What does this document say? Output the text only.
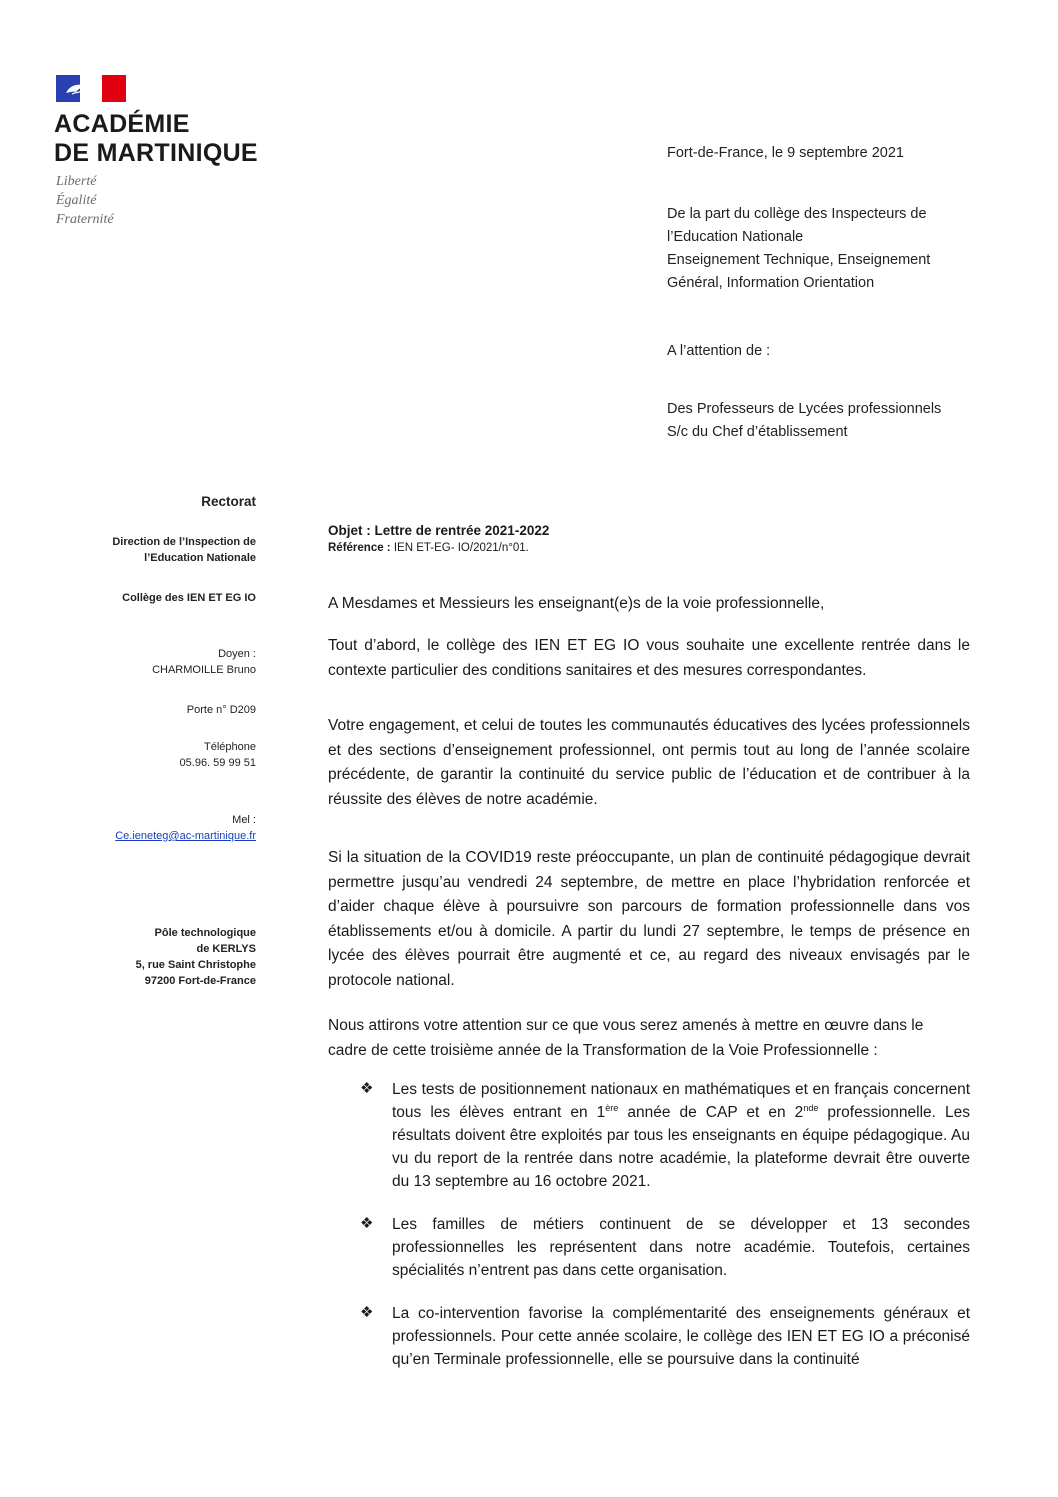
ACADÉMIE
DE MARTINIQUE
Liberté
Égalité
Fraternité
Fort-de-France, le 9 septembre 2021
De la part du collège des Inspecteurs de
l’Education Nationale
Enseignement Technique, Enseignement
Général, Information Orientation
A l’attention de :
Des Professeurs de Lycées professionnels
S/c du Chef d’établissement
Rectorat
Direction de l’Inspection de
l’Education Nationale
Collège des IEN ET EG IO
Doyen :
CHARMOILLE Bruno
Porte n° D209
Téléphone
05.96. 59 99 51
Mel :
Ce.ieneteg@ac-martinique.fr
Pôle technologique
de KERLYS
5, rue Saint Christophe
97200 Fort-de-France
Objet : Lettre de rentrée 2021-2022
Référence : IEN ET-EG- IO/2021/n°01.
A Mesdames et Messieurs les enseignant(e)s de la voie professionnelle,
Tout d’abord, le collège des IEN ET EG IO vous souhaite une excellente rentrée dans le contexte particulier des conditions sanitaires et des mesures correspondantes.
Votre engagement, et celui de toutes les communautés éducatives des lycées professionnels et des sections d’enseignement professionnel, ont permis tout au long de l’année scolaire précédente, de garantir la continuité du service public de l’éducation et de contribuer à la réussite des élèves de notre académie.
Si la situation de la COVID19 reste préoccupante, un plan de continuité pédagogique devrait permettre jusqu’au vendredi 24 septembre, de mettre en place l’hybridation renforcée et d’aider chaque élève à poursuivre son parcours de formation professionnelle dans vos établissements et/ou à domicile. A partir du lundi 27 septembre, le temps de présence en lycée des élèves pourrait être augmenté et ce, au regard des niveaux envisagés par le protocole national.
Nous attirons votre attention sur ce que vous serez amenés à mettre en œuvre dans le cadre de cette troisième année de la Transformation de la Voie Professionnelle :
❖ Les tests de positionnement nationaux en mathématiques et en français concernent tous les élèves entrant en 1ère année de CAP et en 2nde professionnelle. Les résultats doivent être exploités par tous les enseignants en équipe pédagogique. Au vu du report de la rentrée dans notre académie, la plateforme devrait être ouverte du 13 septembre au 16 octobre 2021.
❖ Les familles de métiers continuent de se développer et 13 secondes professionnelles les représentent dans notre académie. Toutefois, certaines spécialités n’entrent pas dans cette organisation.
❖ La co-intervention favorise la complémentarité des enseignements généraux et professionnels. Pour cette année scolaire, le collège des IEN ET EG IO a préconisé qu’en Terminale professionnelle, elle se poursuive dans la continuité
